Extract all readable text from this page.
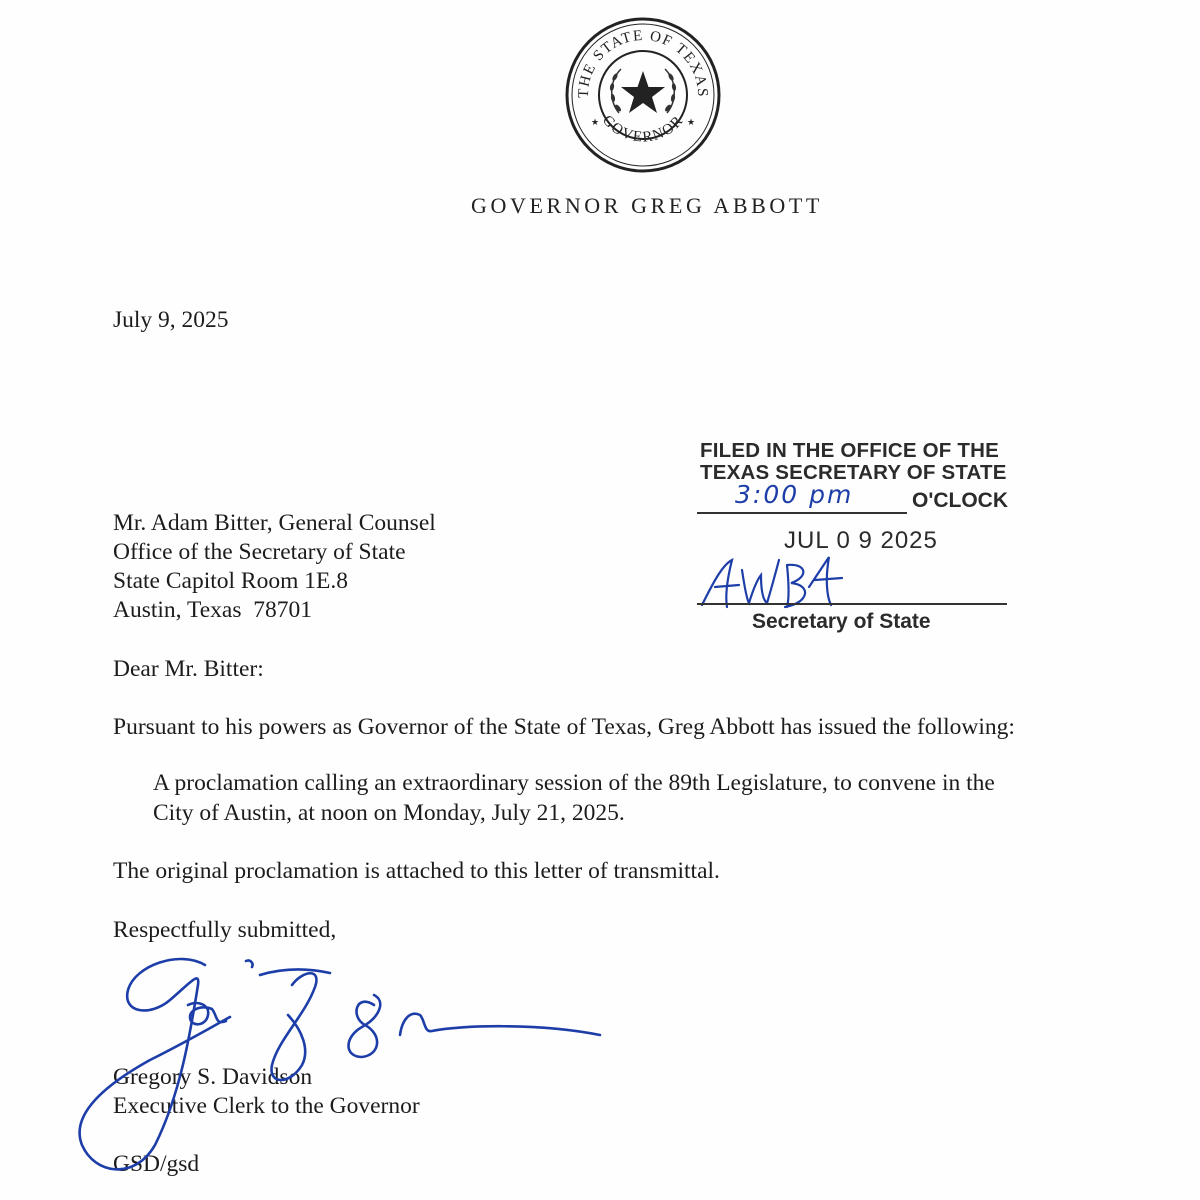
THE STATE OF TEXAS
GOVERNOR
★	★
GOVERNOR GREG ABBOTT
July 9, 2025
FILED IN THE OFFICE OF THE
TEXAS SECRETARY OF STATE
3:00 pm	O'CLOCK
JUL 0 9 2025
Secretary of State
Mr. Adam Bitter, General Counsel
Office of the Secretary of State
State Capitol Room 1E.8
Austin, Texas  78701
Dear Mr. Bitter:
Pursuant to his powers as Governor of the State of Texas, Greg Abbott has issued the following:
A proclamation calling an extraordinary session of the 89th Legislature, to convene in the
City of Austin, at noon on Monday, July 21, 2025.
The original proclamation is attached to this letter of transmittal.
Respectfully submitted,
Gregory S. Davidson
Executive Clerk to the Governor
GSD/gsd
